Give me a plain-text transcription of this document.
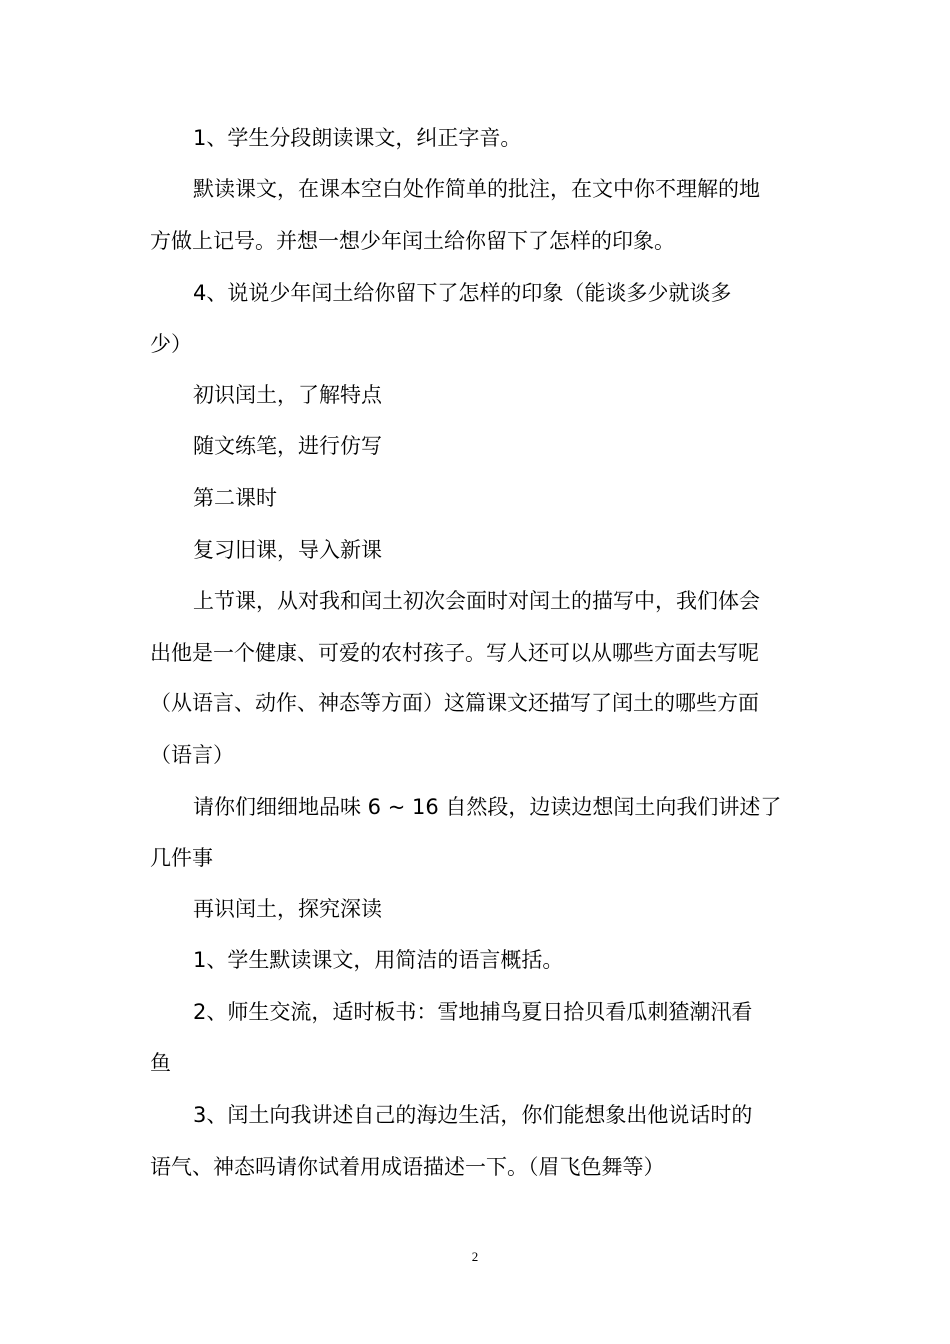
1、学生分段朗读课文，纠正字音。
默读课文，在课本空白处作简单的批注，在文中你不理解的地
方做上记号。并想一想少年闰土给你留下了怎样的印象。
4、说说少年闰土给你留下了怎样的印象（能谈多少就谈多
少）
初识闰土，了解特点
随文练笔，进行仿写
第二课时
复习旧课，导入新课
上节课，从对我和闰土初次会面时对闰土的描写中，我们体会
出他是一个健康、可爱的农村孩子。写人还可以从哪些方面去写呢
（从语言、动作、神态等方面）这篇课文还描写了闰土的哪些方面
（语言）
请你们细细地品味 6 ~ 16 自然段，边读边想闰土向我们讲述了
几件事
再识闰土，探究深读
1、学生默读课文，用简洁的语言概括。
2、师生交流，适时板书：雪地捕鸟夏日拾贝看瓜刺猹潮汛看
鱼
3、闰土向我讲述自己的海边生活，你们能想象出他说话时的
语气、神态吗请你试着用成语描述一下。（眉飞色舞等）
2
